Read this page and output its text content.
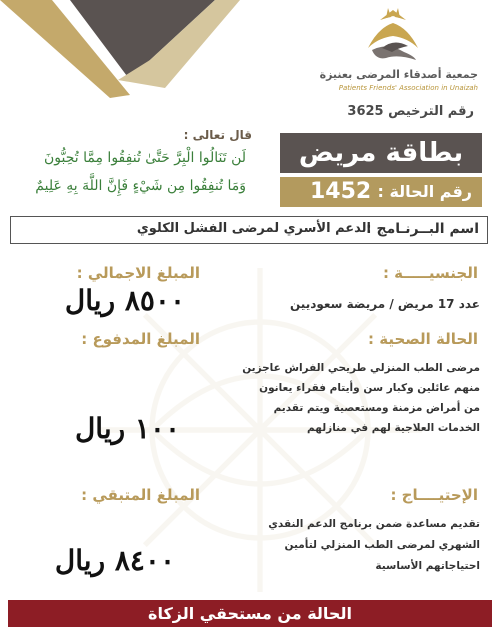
جمعية أصدقاء المرضى بعنيزة
Patients Friends' Association in Unaizah
رقم الترخيص 3625
قال تعالى :
لَن تَنَالُوا الْبِرَّ حَتَّىٰ تُنفِقُوا مِمَّا تُحِبُّونَ
وَمَا تُنفِقُوا مِن شَيْءٍ فَإِنَّ اللَّهَ بِهِ عَلِيمٌ
بطاقة مريض
رقم الحالة :
1452
اسم البــرنـامج :
الدعم الأسري لمرضى الفشل الكلوي
الجنسيـــــة :
عدد 17 مريض / مريضة سعوديين
الحالة الصحية :
مرضى الطب المنزلي طريحي الفراش عاجزين
منهم عائلين وكبار سن وأيتام فقراء يعانون
من أمراض مزمنة ومستعصية ويتم تقديم
الخدمات العلاجية لهم في منازلهم
الإحتيــــاج :
تقديم مساعدة ضمن برنامج الدعم النقدي
الشهري لمرضى الطب المنزلي لتأمين
احتياجاتهم الأساسية
المبلغ الاجمالي :
٨٥٠٠ ريال
المبلغ المدفوع :
١٠٠ ريال
المبلغ المتبقي :
٨٤٠٠ ريال
الحالة من مستحقي الزكاة
